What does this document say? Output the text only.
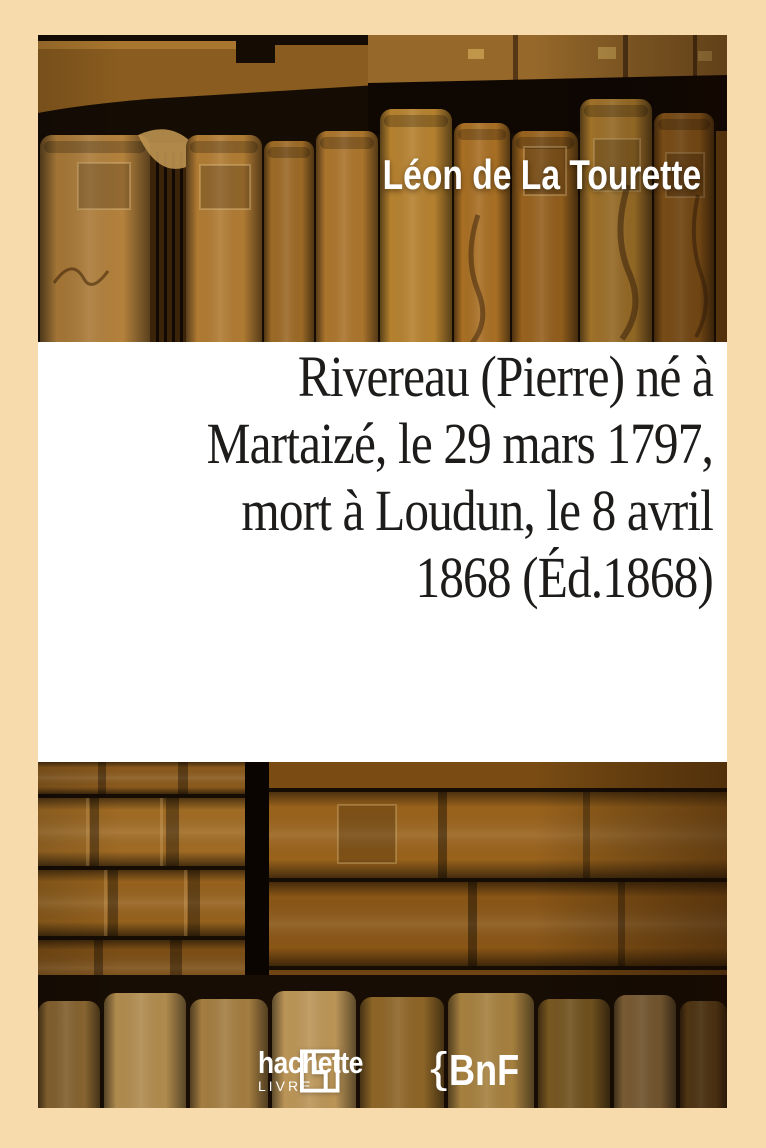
Léon de La Tourette
Rivereau (Pierre) né à
Martaizé, le 29 mars 1797,
mort à Loudun, le 8 avril
1868 (Éd.1868)
hachette
LIVRE { BnF
